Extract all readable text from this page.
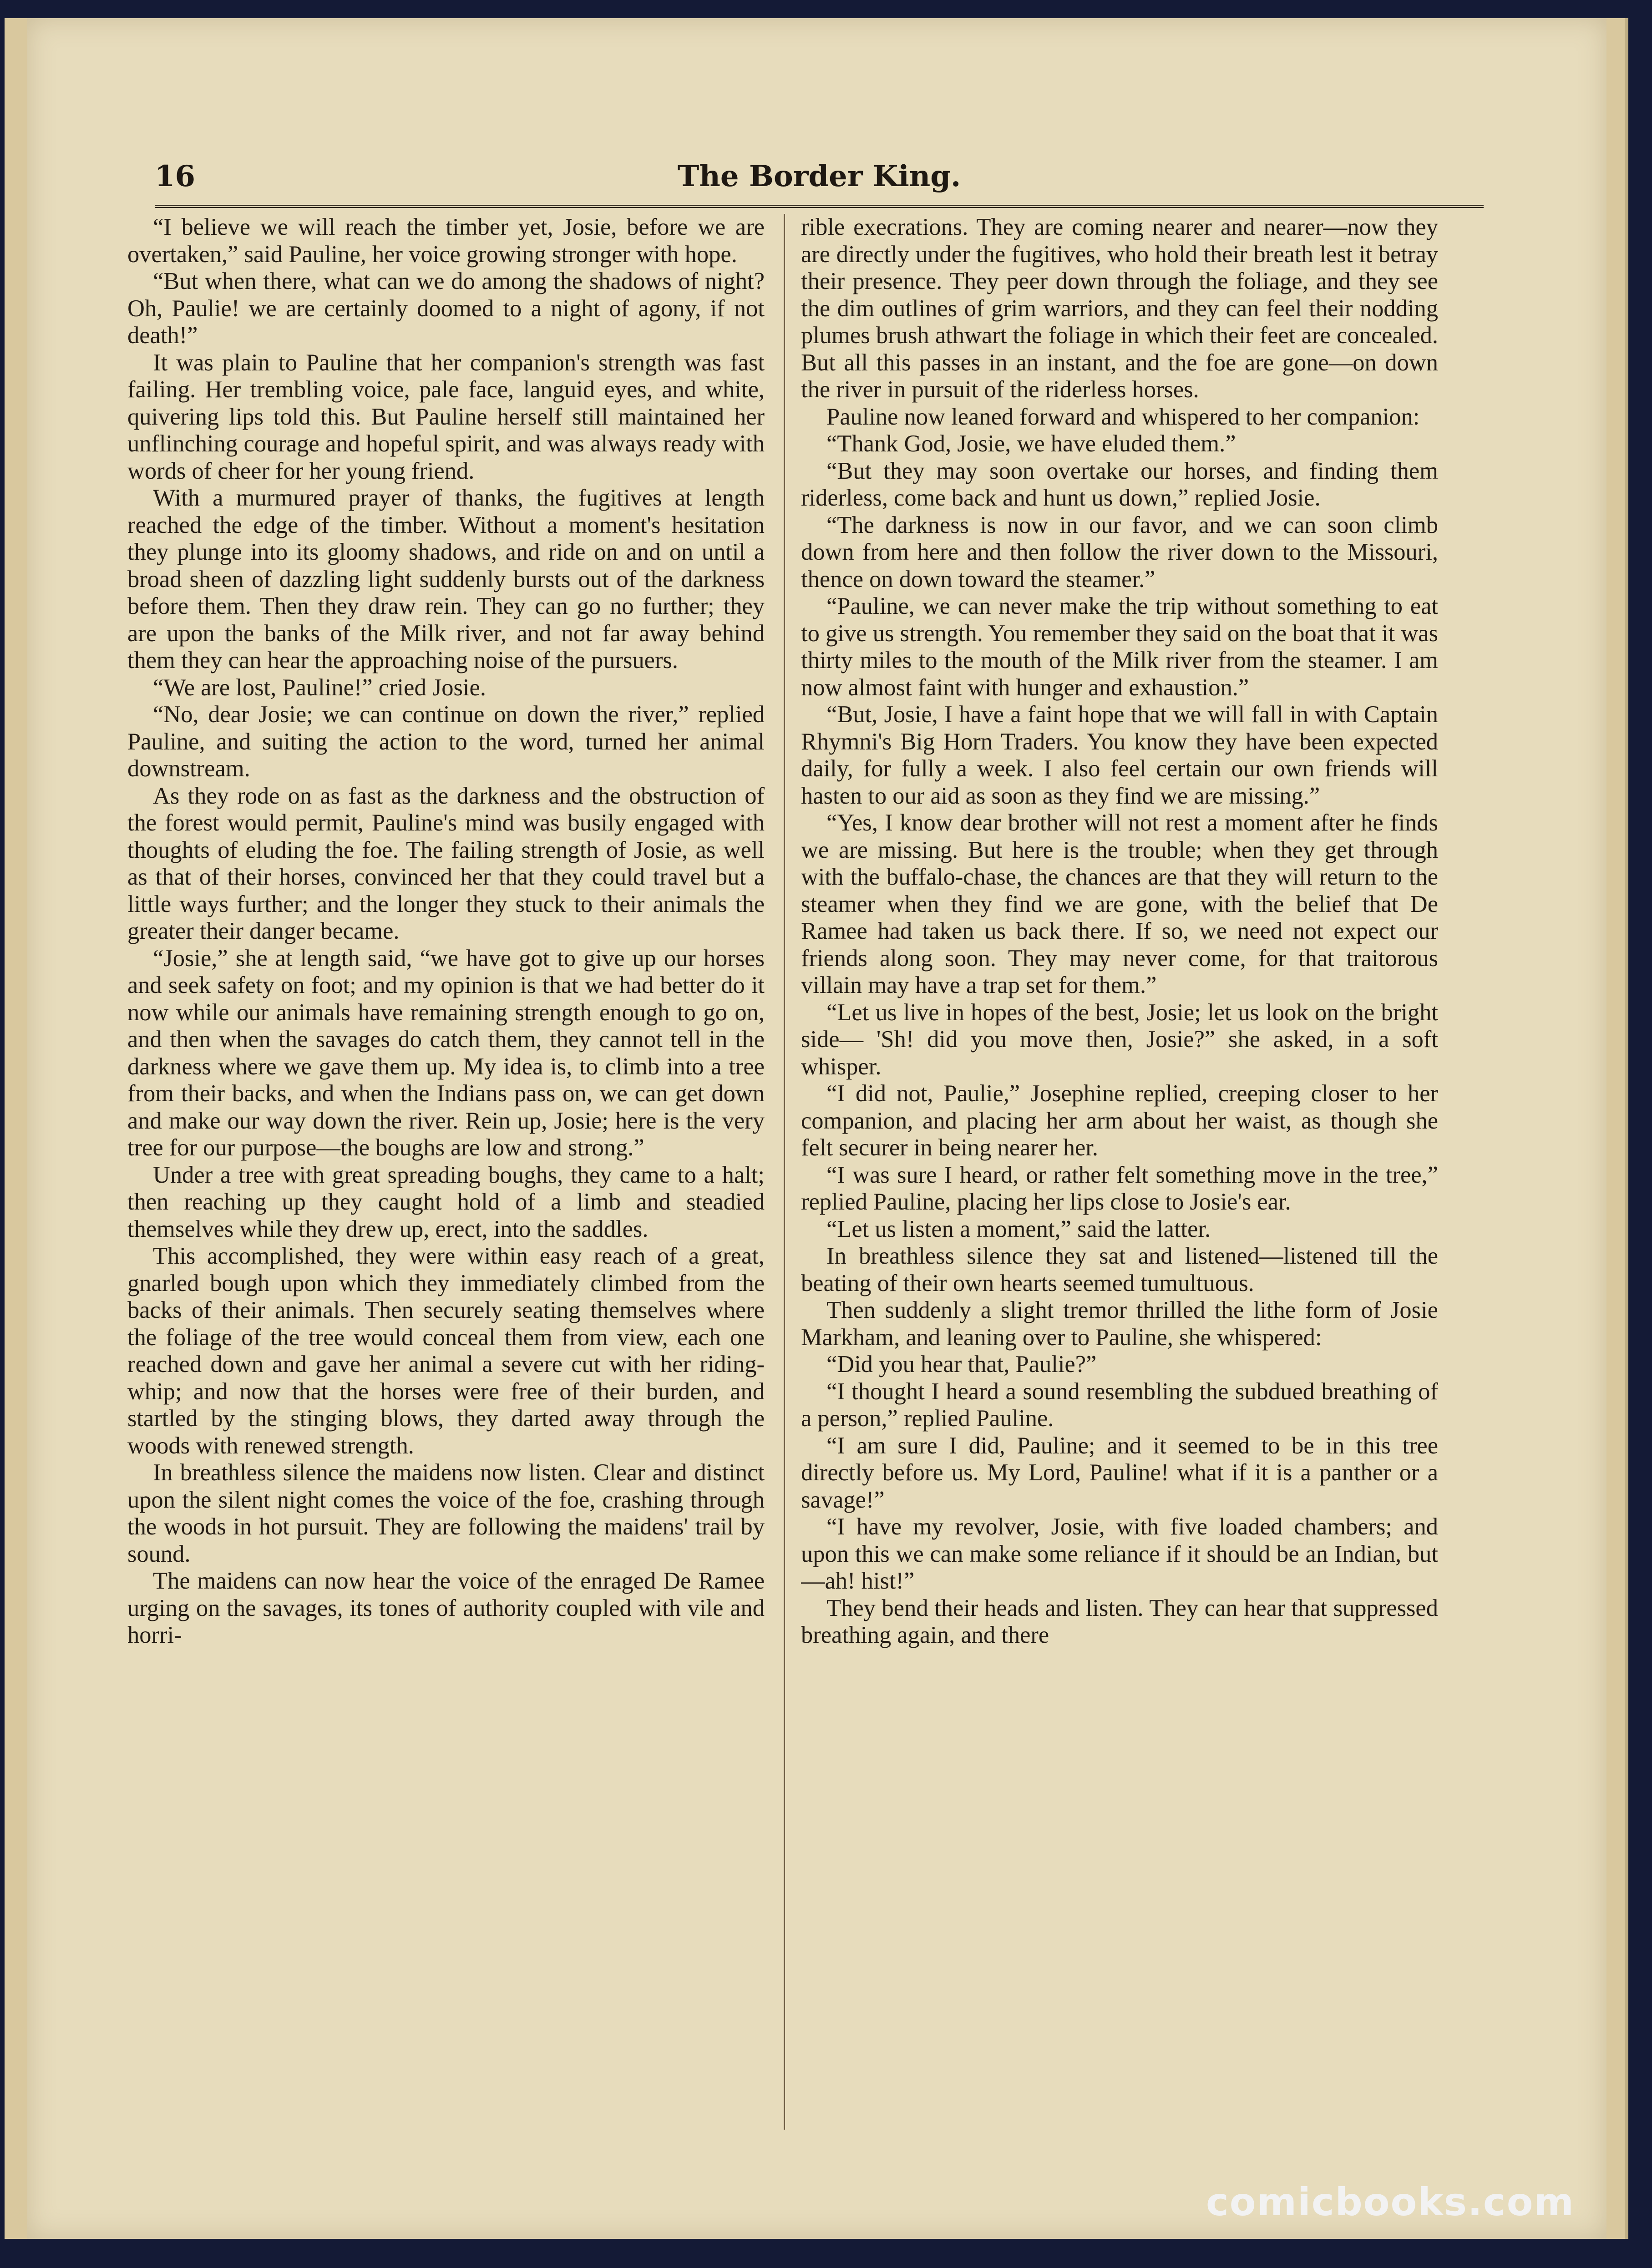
16	The Border King.

“I believe we will reach the timber yet, Josie, before we are overtaken,” said Pauline, her voice growing stronger with hope.

“But when there, what can we do among the shadows of night? Oh, Paulie! we are certainly doomed to a night of agony, if not death!”

It was plain to Pauline that her companion's strength was fast failing. Her trembling voice, pale face, languid eyes, and white, quivering lips told this. But Pauline herself still maintained her unflinching courage and hopeful spirit, and was always ready with words of cheer for her young friend.

With a murmured prayer of thanks, the fugitives at length reached the edge of the timber. Without a moment's hesitation they plunge into its gloomy shadows, and ride on and on until a broad sheen of dazzling light suddenly bursts out of the darkness before them. Then they draw rein. They can go no further; they are upon the banks of the Milk river, and not far away behind them they can hear the approaching noise of the pursuers.

“We are lost, Pauline!” cried Josie.

“No, dear Josie; we can continue on down the river,” replied Pauline, and suiting the action to the word, turned her animal downstream.

As they rode on as fast as the darkness and the obstruction of the forest would permit, Pauline's mind was busily engaged with thoughts of eluding the foe. The failing strength of Josie, as well as that of their horses, convinced her that they could travel but a little ways further; and the longer they stuck to their animals the greater their danger became.

“Josie,” she at length said, “we have got to give up our horses and seek safety on foot; and my opinion is that we had better do it now while our animals have remaining strength enough to go on, and then when the savages do catch them, they cannot tell in the darkness where we gave them up. My idea is, to climb into a tree from their backs, and when the Indians pass on, we can get down and make our way down the river. Rein up, Josie; here is the very tree for our purpose—the boughs are low and strong.”

Under a tree with great spreading boughs, they came to a halt; then reaching up they caught hold of a limb and steadied themselves while they drew up, erect, into the saddles.

This accomplished, they were within easy reach of a great, gnarled bough upon which they immediately climbed from the backs of their animals. Then securely seating themselves where the foliage of the tree would conceal them from view, each one reached down and gave her animal a severe cut with her riding-whip; and now that the horses were free of their burden, and startled by the stinging blows, they darted away through the woods with renewed strength.

In breathless silence the maidens now listen. Clear and distinct upon the silent night comes the voice of the foe, crashing through the woods in hot pursuit. They are following the maidens' trail by sound.

The maidens can now hear the voice of the enraged De Ramee urging on the savages, its tones of authority coupled with vile and horri-

rible execrations. They are coming nearer and nearer—now they are directly under the fugitives, who hold their breath lest it betray their presence. They peer down through the foliage, and they see the dim outlines of grim warriors, and they can feel their nodding plumes brush athwart the foliage in which their feet are concealed. But all this passes in an instant, and the foe are gone—on down the river in pursuit of the riderless horses.

Pauline now leaned forward and whispered to her companion:

“Thank God, Josie, we have eluded them.”

“But they may soon overtake our horses, and finding them riderless, come back and hunt us down,” replied Josie.

“The darkness is now in our favor, and we can soon climb down from here and then follow the river down to the Missouri, thence on down toward the steamer.”

“Pauline, we can never make the trip without something to eat to give us strength. You remember they said on the boat that it was thirty miles to the mouth of the Milk river from the steamer. I am now almost faint with hunger and exhaustion.”

“But, Josie, I have a faint hope that we will fall in with Captain Rhymni's Big Horn Traders. You know they have been expected daily, for fully a week. I also feel certain our own friends will hasten to our aid as soon as they find we are missing.”

“Yes, I know dear brother will not rest a moment after he finds we are missing. But here is the trouble; when they get through with the buffalo-chase, the chances are that they will return to the steamer when they find we are gone, with the belief that De Ramee had taken us back there. If so, we need not expect our friends along soon. They may never come, for that traitorous villain may have a trap set for them.”

“Let us live in hopes of the best, Josie; let us look on the bright side— 'Sh! did you move then, Josie?” she asked, in a soft whisper.

“I did not, Paulie,” Josephine replied, creeping closer to her companion, and placing her arm about her waist, as though she felt securer in being nearer her.

“I was sure I heard, or rather felt something move in the tree,” replied Pauline, placing her lips close to Josie's ear.

“Let us listen a moment,” said the latter.

In breathless silence they sat and listened—listened till the beating of their own hearts seemed tumultuous.

Then suddenly a slight tremor thrilled the lithe form of Josie Markham, and leaning over to Pauline, she whispered:

“Did you hear that, Paulie?”

“I thought I heard a sound resembling the subdued breathing of a person,” replied Pauline.

“I am sure I did, Pauline; and it seemed to be in this tree directly before us. My Lord, Pauline! what if it is a panther or a savage!”

“I have my revolver, Josie, with five loaded chambers; and upon this we can make some reliance if it should be an Indian, but—ah! hist!”

They bend their heads and listen. They can hear that suppressed breathing again, and there

comicbooks.com
